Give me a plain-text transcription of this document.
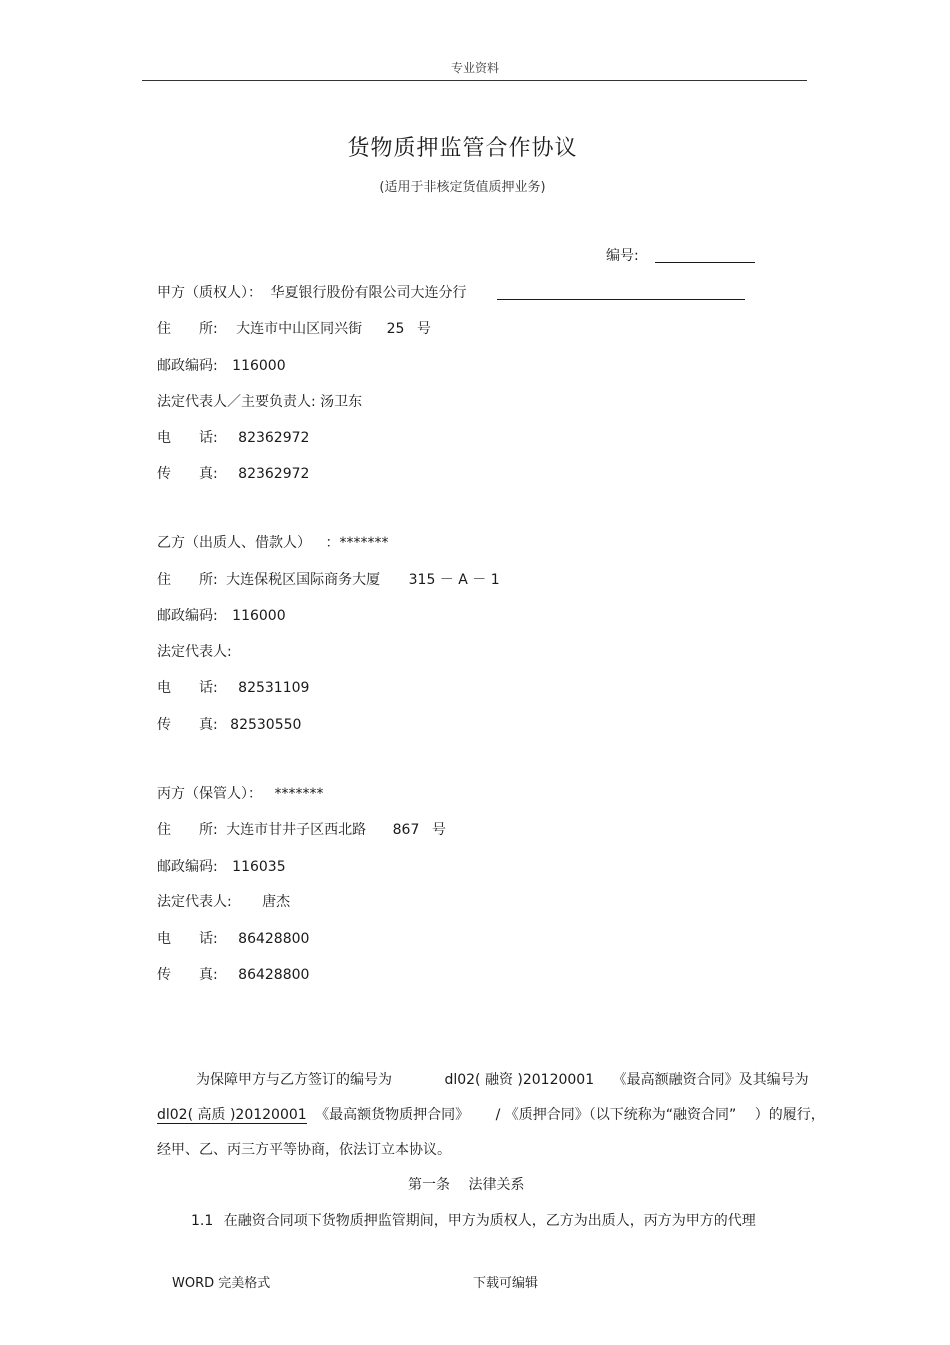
专业资料
货物质押监管合作协议
(适用于非核定货值质押业务)
编号:
甲方（质权人）： 华夏银行股份有限公司大连分行
住　　所: 大连市中山区同兴街 25 号
邮政编码: 116000
法定代表人／主要负责人: 汤卫东
电　　话: 82362972
传　　真: 82362972
乙方（出质人、借款人） ：*******
住　　所: 大连保税区国际商务大厦 315 － A － 1
邮政编码: 116000
法定代表人:
电　　话: 82531109
传　　真: 82530550
丙方（保管人）： *******
住　　所: 大连市甘井子区西北路 867 号
邮政编码: 116035
法定代表人: 唐杰
电　　话: 86428800
传　　真: 86428800
为保障甲方与乙方签订的编号为	dl02( 融资 )20120001 《最高额融资合同》及其编号为
dl02( 高质 )20120001 《最高额货物质押合同》 / 《质押合同》（以下统称为“融资合同” ）的履行，
经甲、乙、丙三方平等协商，依法订立本协议。
第一条　 法律关系
1.1 在融资合同项下货物质押监管期间，甲方为质权人，乙方为出质人，丙方为甲方的代理
WORD 完美格式	下载可编辑
